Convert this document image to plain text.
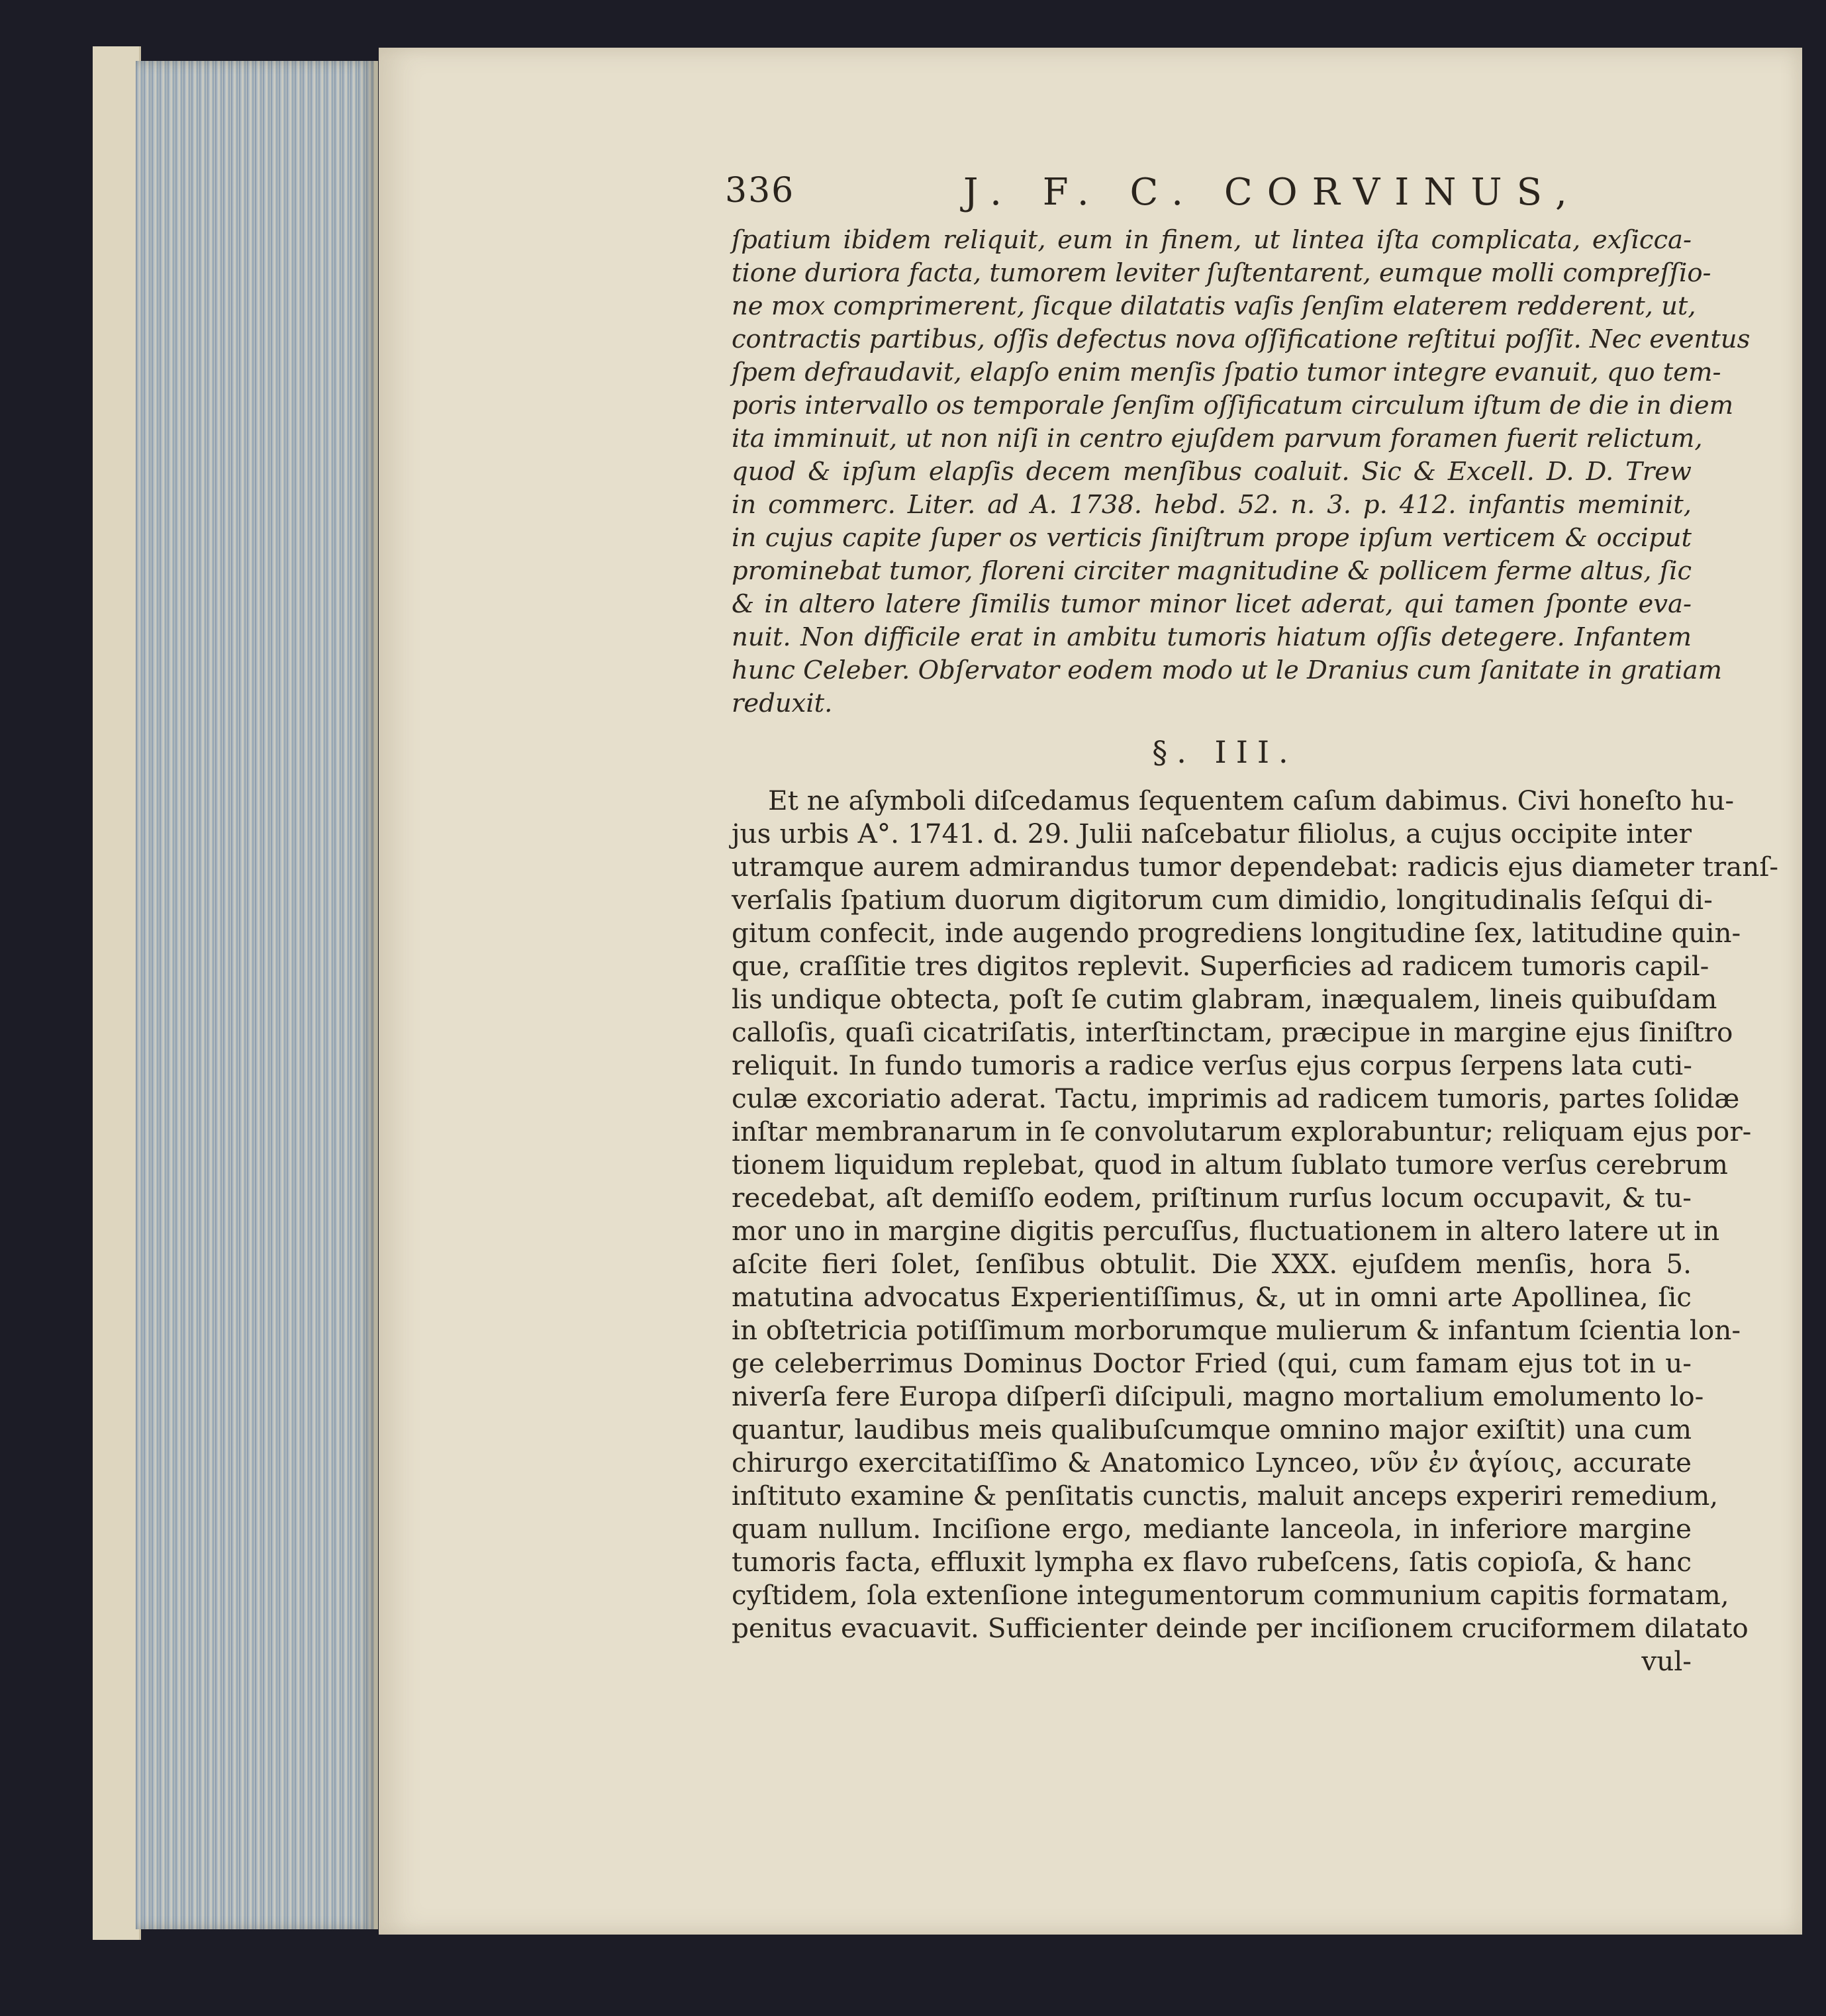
336	J. F. C. CORVINUS,
ſpatium ibidem reliquit, eum in finem, ut lintea iſta complicata, exſicca-
tione duriora facta, tumorem leviter ſuſtentarent, eumque molli compreſſio-
ne mox comprimerent, ſicque dilatatis vaſis ſenſim elaterem redderent, ut,
contractis partibus, oſſis defectus nova oſſificatione reſtitui poſſit. Nec eventus
ſpem defraudavit, elapſo enim menſis ſpatio tumor integre evanuit, quo tem-
poris intervallo os temporale ſenſim oſſificatum circulum iſtum de die in diem
ita imminuit, ut non niſi in centro ejuſdem parvum foramen fuerit relictum,
quod & ipſum elapſis decem menſibus coaluit. Sic & Excell. D. D. Trew
in commerc. Liter. ad A. 1738. hebd. 52. n. 3. p. 412. infantis meminit,
in cujus capite ſuper os verticis ſiniſtrum prope ipſum verticem & occiput
prominebat tumor, floreni circiter magnitudine & pollicem ferme altus, ſic
& in altero latere ſimilis tumor minor licet aderat, qui tamen ſponte eva-
nuit. Non difficile erat in ambitu tumoris hiatum oſſis detegere. Infantem
hunc Celeber. Obſervator eodem modo ut le Dranius cum ſanitate in gratiam
reduxit.
§. III.
Et ne aſymboli diſcedamus ſequentem caſum dabimus. Civi honeſto hu-
jus urbis A°. 1741. d. 29. Julii naſcebatur filiolus, a cujus occipite inter
utramque aurem admirandus tumor dependebat: radicis ejus diameter tranſ-
verſalis ſpatium duorum digitorum cum dimidio, longitudinalis ſeſqui di-
gitum confecit, inde augendo progrediens longitudine ſex, latitudine quin-
que, craſſitie tres digitos replevit. Superficies ad radicem tumoris capil-
lis undique obtecta, poſt ſe cutim glabram, inæqualem, lineis quibuſdam
calloſis, quaſi cicatriſatis, interſtinctam, præcipue in margine ejus ſiniſtro
reliquit. In fundo tumoris a radice verſus ejus corpus ſerpens lata cuti-
culæ excoriatio aderat. Tactu, imprimis ad radicem tumoris, partes ſolidæ
inſtar membranarum in ſe convolutarum explorabuntur; reliquam ejus por-
tionem liquidum replebat, quod in altum ſublato tumore verſus cerebrum
recedebat, aſt demiſſo eodem, priſtinum rurſus locum occupavit, & tu-
mor uno in margine digitis percuſſus, fluctuationem in altero latere ut in
aſcite fieri ſolet, ſenſibus obtulit. Die XXX. ejuſdem menſis, hora 5.
matutina advocatus Experientiſſimus, &, ut in omni arte Apollinea, ſic
in obſtetricia potiſſimum morborumque mulierum & infantum ſcientia lon-
ge celeberrimus Dominus Doctor Fried (qui, cum famam ejus tot in u-
niverſa fere Europa diſperſi diſcipuli, magno mortalium emolumento lo-
quantur, laudibus meis qualibuſcumque omnino major exiſtit) una cum
chirurgo exercitatiſſimo & Anatomico Lynceo, νῦν ἐν ἁγίοις, accurate
inſtituto examine & penſitatis cunctis, maluit anceps experiri remedium,
quam nullum. Inciſione ergo, mediante lanceola, in inferiore margine
tumoris facta, effluxit lympha ex flavo rubeſcens, ſatis copioſa, & hanc
cyſtidem, ſola extenſione integumentorum communium capitis formatam,
penitus evacuavit. Sufficienter deinde per inciſionem cruciformem dilatato
vul-
